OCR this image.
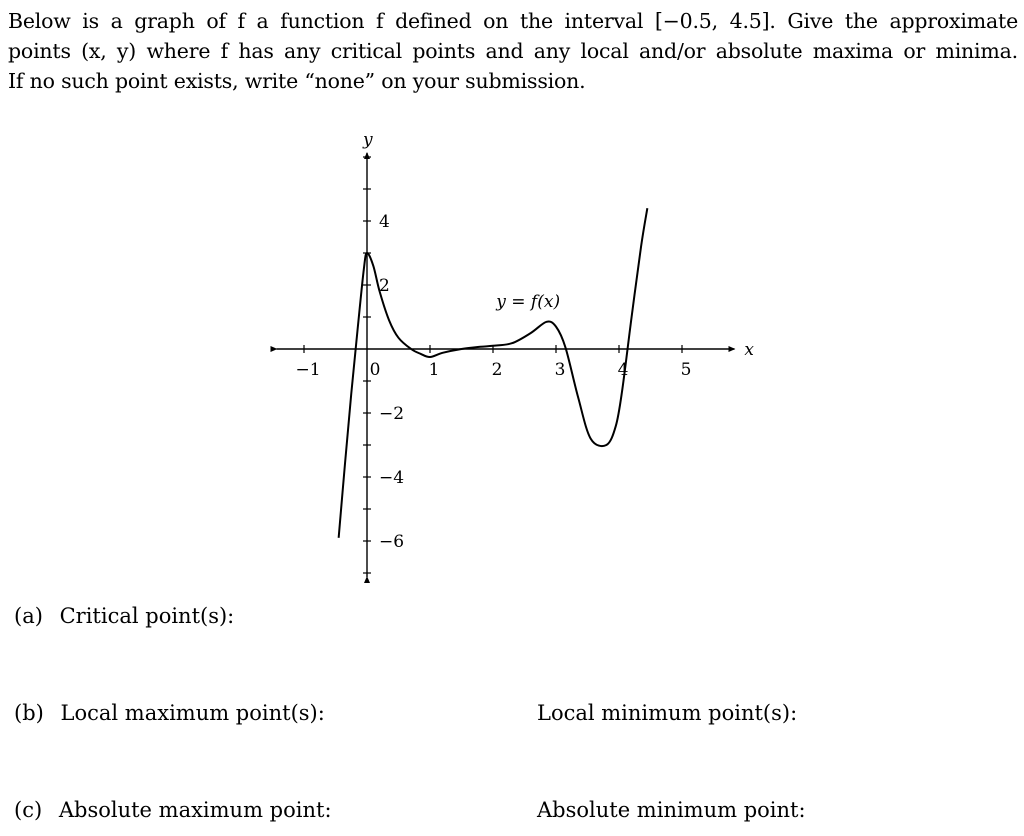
Below is a graph of f a function f defined on the interval [−0.5, 4.5]. Give the approximate
points (x, y) where f has any critical points and any local and/or absolute maxima or minima.
If no such point exists, write “none” on your submission.
−1	0	1	2	3	4	5
4
2
−2
−4
−6
x
y
y = f(x)
(a) Critical point(s):
(b) Local maximum point(s):	Local minimum point(s):
(c) Absolute maximum point:	Absolute minimum point:
